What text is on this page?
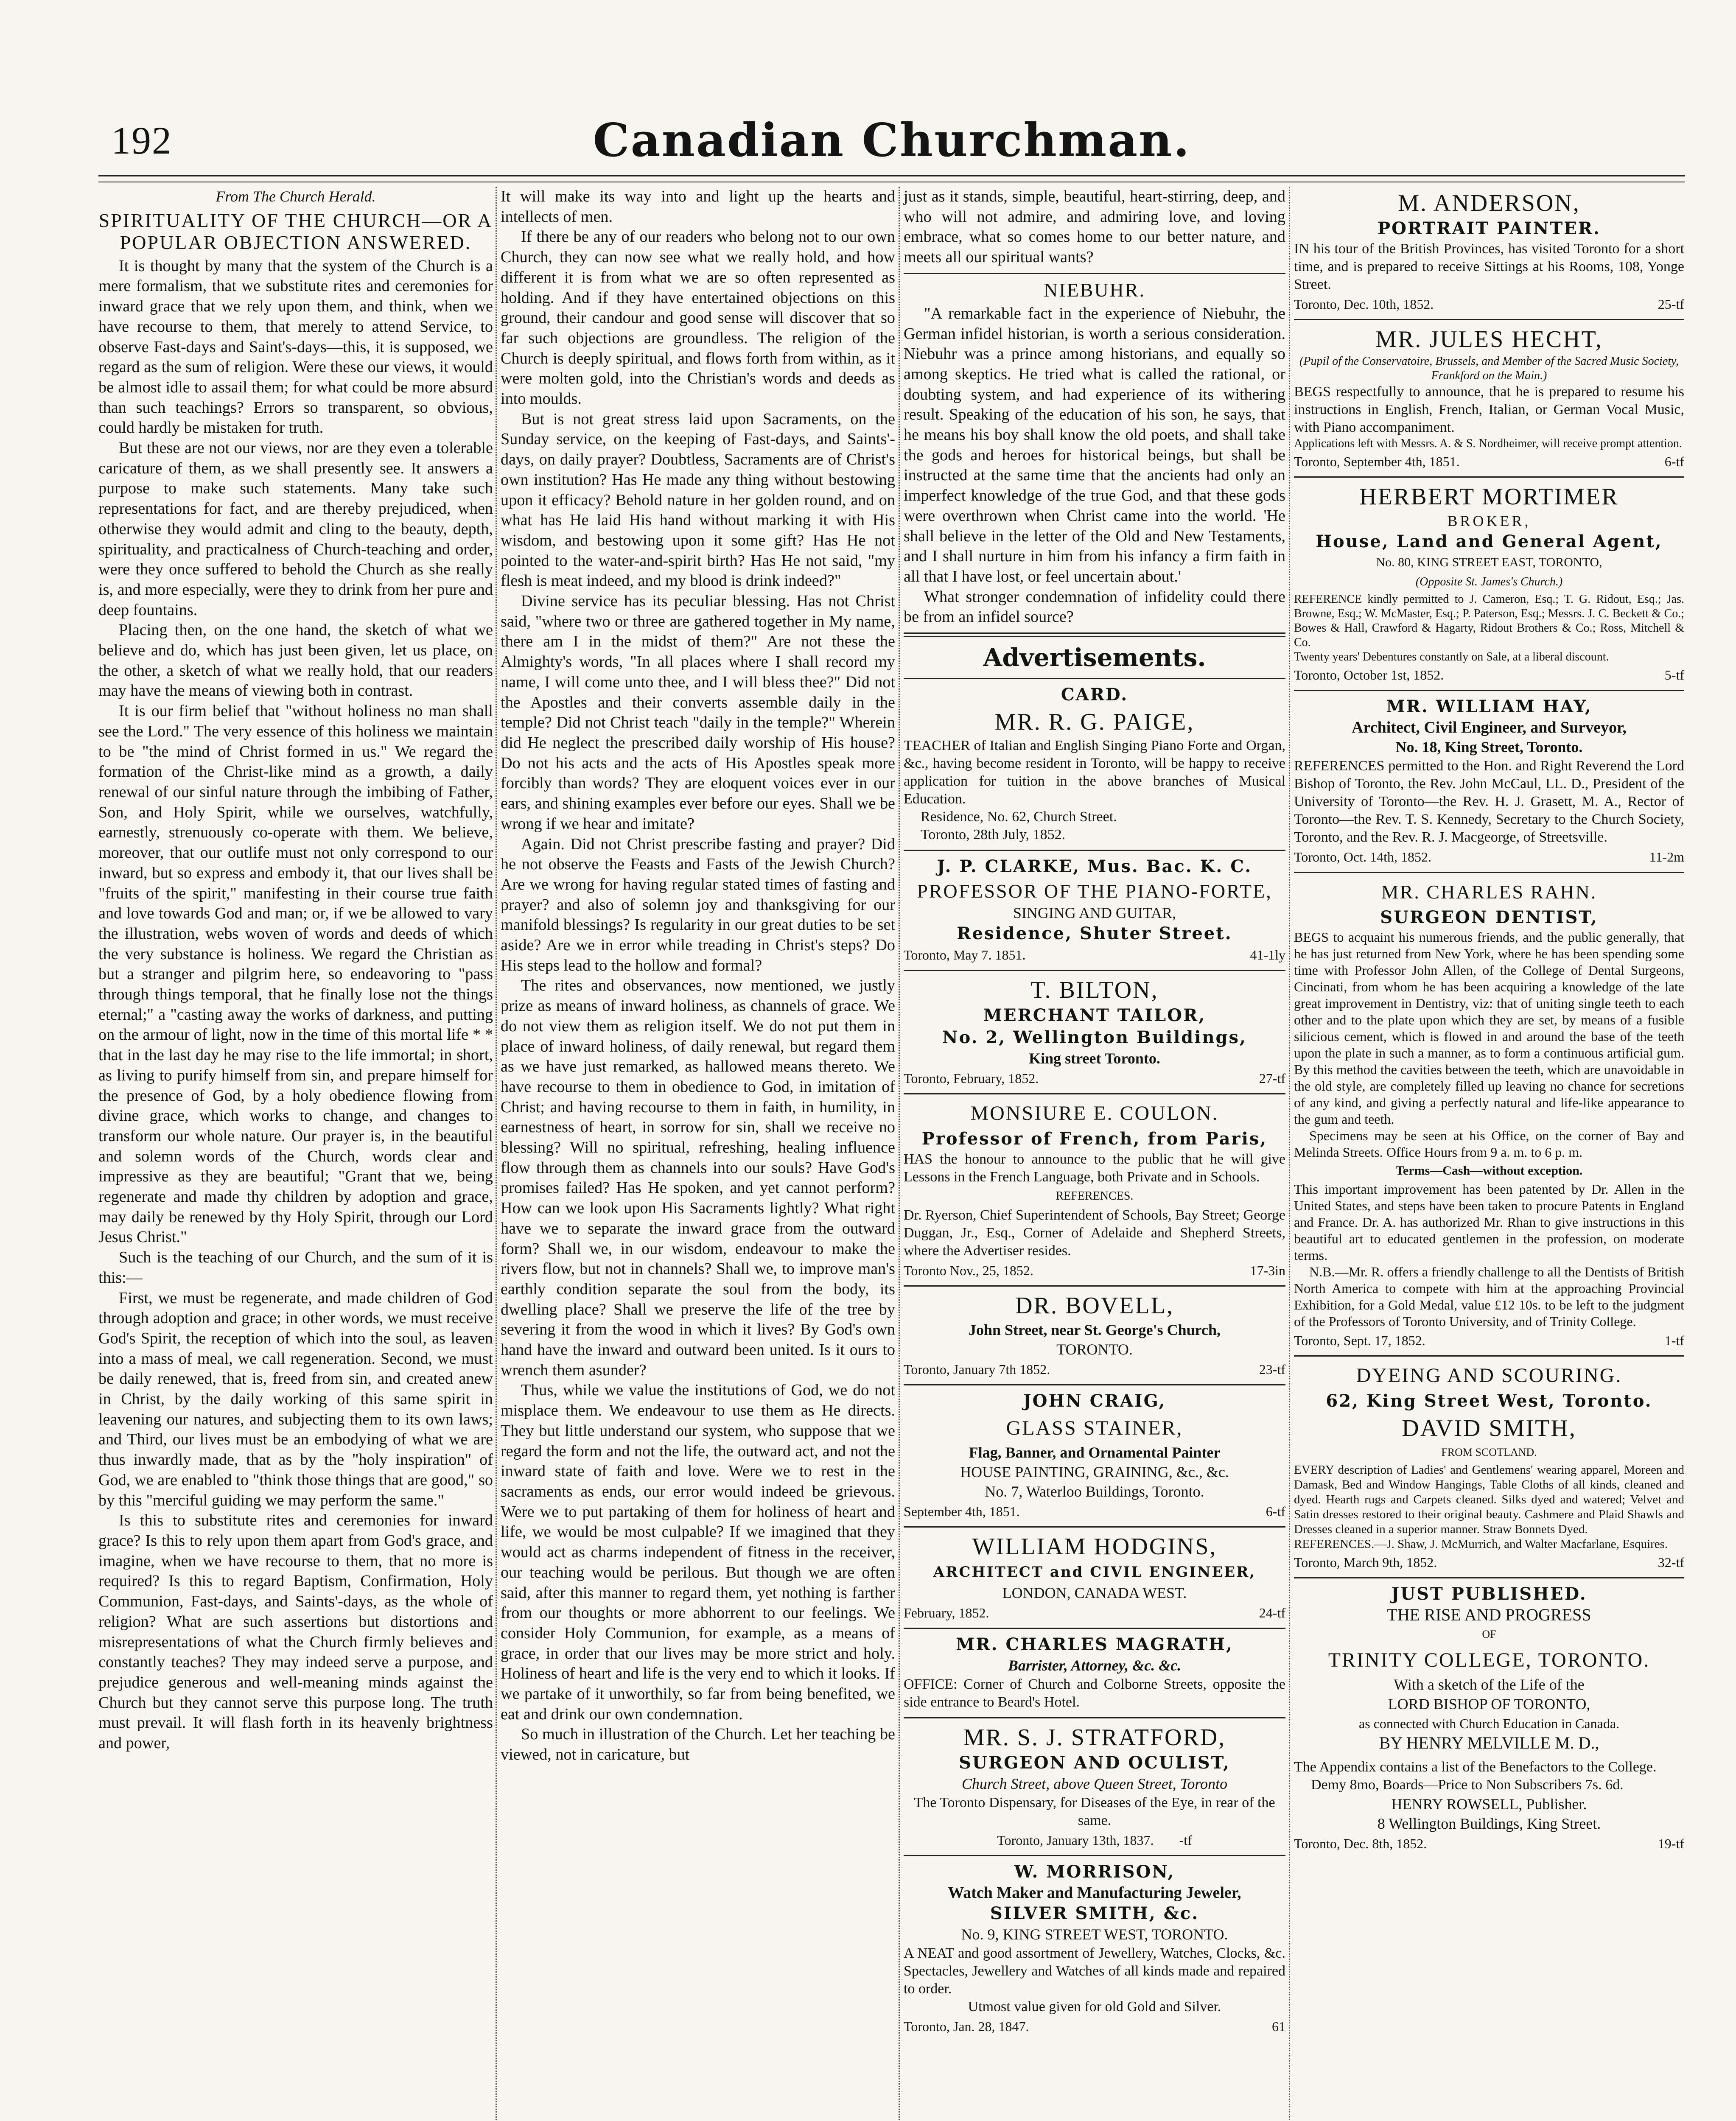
192	Canadian Churchman.

From The Church Herald.

SPIRITUALITY OF THE CHURCH—OR A POPULAR OBJECTION ANSWERED.

It is thought by many that the system of the Church is a mere formalism, that we substitute rites and ceremonies for inward grace that we rely upon them, and think, when we have recourse to them, that merely to attend Service, to observe Fast-days and Saint's-days—this, it is supposed, we regard as the sum of religion. Were these our views, it would be almost idle to assail them; for what could be more absurd than such teachings? Errors so transparent, so obvious, could hardly be mistaken for truth.

But these are not our views, nor are they even a tolerable caricature of them, as we shall presently see. It answers a purpose to make such statements. Many take such representations for fact, and are thereby prejudiced, when otherwise they would admit and cling to the beauty, depth, spirituality, and practicalness of Church-teaching and order, were they once suffered to behold the Church as she really is, and more especially, were they to drink from her pure and deep fountains.

Placing then, on the one hand, the sketch of what we believe and do, which has just been given, let us place, on the other, a sketch of what we really hold, that our readers may have the means of viewing both in contrast.

It is our firm belief that "without holiness no man shall see the Lord." The very essence of this holiness we maintain to be "the mind of Christ formed in us." We regard the formation of the Christ-like mind as a growth, a daily renewal of our sinful nature through the imbibing of Father, Son, and Holy Spirit, while we ourselves, watchfully, earnestly, strenuously co-operate with them. We believe, moreover, that our outlife must not only correspond to our inward, but so express and embody it, that our lives shall be "fruits of the spirit," manifesting in their course true faith and love towards God and man; or, if we be allowed to vary the illustration, webs woven of words and deeds of which the very substance is holiness. We regard the Christian as but a stranger and pilgrim here, so endeavoring to "pass through things temporal, that he finally lose not the things eternal;" a "casting away the works of darkness, and putting on the armour of light, now in the time of this mortal life * * that in the last day he may rise to the life immortal; in short, as living to purify himself from sin, and prepare himself for the presence of God, by a holy obedience flowing from divine grace, which works to change, and changes to transform our whole nature. Our prayer is, in the beautiful and solemn words of the Church, words clear and impressive as they are beautiful; "Grant that we, being regenerate and made thy children by adoption and grace, may daily be renewed by thy Holy Spirit, through our Lord Jesus Christ."

Such is the teaching of our Church, and the sum of it is this:—

First, we must be regenerate, and made children of God through adoption and grace; in other words, we must receive God's Spirit, the reception of which into the soul, as leaven into a mass of meal, we call regeneration. Second, we must be daily renewed, that is, freed from sin, and created anew in Christ, by the daily working of this same spirit in leavening our natures, and subjecting them to its own laws; and Third, our lives must be an embodying of what we are thus inwardly made, that as by the "holy inspiration" of God, we are enabled to "think those things that are good," so by this "merciful guiding we may perform the same."

Is this to substitute rites and ceremonies for inward grace? Is this to rely upon them apart from God's grace, and imagine, when we have recourse to them, that no more is required? Is this to regard Baptism, Confirmation, Holy Communion, Fast-days, and Saints'-days, as the whole of religion? What are such assertions but distortions and misrepresentations of what the Church firmly believes and constantly teaches? They may indeed serve a purpose, and prejudice generous and well-meaning minds against the Church but they cannot serve this purpose long. The truth must prevail. It will flash forth in its heavenly brightness and power,

It will make its way into and light up the hearts and intellects of men.

If there be any of our readers who belong not to our own Church, they can now see what we really hold, and how different it is from what we are so often represented as holding. And if they have entertained objections on this ground, their candour and good sense will discover that so far such objections are groundless. The religion of the Church is deeply spiritual, and flows forth from within, as it were molten gold, into the Christian's words and deeds as into moulds.

But is not great stress laid upon Sacraments, on the Sunday service, on the keeping of Fast-days, and Saints'-days, on daily prayer? Doubtless, Sacraments are of Christ's own institution? Has He made any thing without bestowing upon it efficacy? Behold nature in her golden round, and on what has He laid His hand without marking it with His wisdom, and bestowing upon it some gift? Has He not pointed to the water-and-spirit birth? Has He not said, "my flesh is meat indeed, and my blood is drink indeed?"

Divine service has its peculiar blessing. Has not Christ said, "where two or three are gathered together in My name, there am I in the midst of them?" Are not these the Almighty's words, "In all places where I shall record my name, I will come unto thee, and I will bless thee?" Did not the Apostles and their converts assemble daily in the temple? Did not Christ teach "daily in the temple?" Wherein did He neglect the prescribed daily worship of His house? Do not his acts and the acts of His Apostles speak more forcibly than words? They are eloquent voices ever in our ears, and shining examples ever before our eyes. Shall we be wrong if we hear and imitate?

Again. Did not Christ prescribe fasting and prayer? Did he not observe the Feasts and Fasts of the Jewish Church? Are we wrong for having regular stated times of fasting and prayer? and also of solemn joy and thanksgiving for our manifold blessings? Is regularity in our great duties to be set aside? Are we in error while treading in Christ's steps? Do His steps lead to the hollow and formal?

The rites and observances, now mentioned, we justly prize as means of inward holiness, as channels of grace. We do not view them as religion itself. We do not put them in place of inward holiness, of daily renewal, but regard them as we have just remarked, as hallowed means thereto. We have recourse to them in obedience to God, in imitation of Christ; and having recourse to them in faith, in humility, in earnestness of heart, in sorrow for sin, shall we receive no blessing? Will no spiritual, refreshing, healing influence flow through them as channels into our souls? Have God's promises failed? Has He spoken, and yet cannot perform? How can we look upon His Sacraments lightly? What right have we to separate the inward grace from the outward form? Shall we, in our wisdom, endeavour to make the rivers flow, but not in channels? Shall we, to improve man's earthly condition separate the soul from the body, its dwelling place? Shall we preserve the life of the tree by severing it from the wood in which it lives? By God's own hand have the inward and outward been united. Is it ours to wrench them asunder?

Thus, while we value the institutions of God, we do not misplace them. We endeavour to use them as He directs. They but little understand our system, who suppose that we regard the form and not the life, the outward act, and not the inward state of faith and love. Were we to rest in the sacraments as ends, our error would indeed be grievous. Were we to put partaking of them for holiness of heart and life, we would be most culpable? If we imagined that they would act as charms independent of fitness in the receiver, our teaching would be perilous. But though we are often said, after this manner to regard them, yet nothing is farther from our thoughts or more abhorrent to our feelings. We consider Holy Communion, for example, as a means of grace, in order that our lives may be more strict and holy. Holiness of heart and life is the very end to which it looks. If we partake of it unworthily, so far from being benefited, we eat and drink our own condemnation.

So much in illustration of the Church. Let her teaching be viewed, not in caricature, but

just as it stands, simple, beautiful, heart-stirring, deep, and who will not admire, and admiring love, and loving embrace, what so comes home to our better nature, and meets all our spiritual wants?

NIEBUHR.

"A remarkable fact in the experience of Niebuhr, the German infidel historian, is worth a serious consideration. Niebuhr was a prince among historians, and equally so among skeptics. He tried what is called the rational, or doubting system, and had experience of its withering result. Speaking of the education of his son, he says, that he means his boy shall know the old poets, and shall take the gods and heroes for historical beings, but shall be instructed at the same time that the ancients had only an imperfect knowledge of the true God, and that these gods were overthrown when Christ came into the world. 'He shall believe in the letter of the Old and New Testaments, and I shall nurture in him from his infancy a firm faith in all that I have lost, or feel uncertain about.'

What stronger condemnation of infidelity could there be from an infidel source?

Advertisements.
CARD.
MR. R. G. PAIGE,

TEACHER of Italian and English Singing Piano Forte and Organ, &c., having become resident in Toronto, will be happy to receive application for tuition in the above branches of Musical Education.

Residence, No. 62, Church Street.

Toronto, 28th July, 1852.

J. P. CLARKE, Mus. Bac. K. C.
PROFESSOR OF THE PIANO-FORTE,
SINGING AND GUITAR,
Residence, Shuter Street.
Toronto, May 7. 1851.	41-1ly
T. BILTON,
MERCHANT TAILOR,
No. 2, Wellington Buildings,
King street Toronto.
Toronto, February, 1852.	27-tf
MONSIURE E. COULON.
Professor of French, from Paris,

HAS the honour to announce to the public that he will give Lessons in the French Language, both Private and in Schools.

REFERENCES.

Dr. Ryerson, Chief Superintendent of Schools, Bay Street; George Duggan, Jr., Esq., Corner of Adelaide and Shepherd Streets, where the Advertiser resides.

Toronto Nov., 25, 1852.	17-3in
DR. BOVELL,
John Street, near St. George's Church,
TORONTO.
Toronto, January 7th 1852.	23-tf
JOHN CRAIG,
GLASS STAINER,
Flag, Banner, and Ornamental Painter
HOUSE PAINTING, GRAINING, &c., &c.
No. 7, Waterloo Buildings, Toronto.
September 4th, 1851.	6-tf
WILLIAM HODGINS,
ARCHITECT and CIVIL ENGINEER,
LONDON, CANADA WEST.
February, 1852.	24-tf
MR. CHARLES MAGRATH,
Barrister, Attorney, &c. &c.

OFFICE: Corner of Church and Colborne Streets, opposite the side entrance to Beard's Hotel.

MR. S. J. STRATFORD,
SURGEON AND OCULIST,
Church Street, above Queen Street, Toronto

The Toronto Dispensary, for Diseases of the Eye, in rear of the same.

Toronto, January 13th, 1837. -tf
W. MORRISON,
Watch Maker and Manufacturing Jeweler,
SILVER SMITH, &c.
No. 9, KING STREET WEST, TORONTO.

A NEAT and good assortment of Jewellery, Watches, Clocks, &c. Spectacles, Jewellery and Watches of all kinds made and repaired to order.

Utmost value given for old Gold and Silver.

Toronto, Jan. 28, 1847.	61
M. ANDERSON,
PORTRAIT PAINTER.

IN his tour of the British Provinces, has visited Toronto for a short time, and is prepared to receive Sittings at his Rooms, 108, Yonge Street.

Toronto, Dec. 10th, 1852.	25-tf
MR. JULES HECHT,

(Pupil of the Conservatoire, Brussels, and Member of the Sacred Music Society, Frankford on the Main.)

BEGS respectfully to announce, that he is prepared to resume his instructions in English, French, Italian, or German Vocal Music, with Piano accompaniment.

Applications left with Messrs. A. & S. Nordheimer, will receive prompt attention.

Toronto, September 4th, 1851.	6-tf
HERBERT MORTIMER
BROKER,
House, Land and General Agent,
No. 80, KING STREET EAST, TORONTO,
(Opposite St. James's Church.)

REFERENCE kindly permitted to J. Cameron, Esq.; T. G. Ridout, Esq.; Jas. Browne, Esq.; W. McMaster, Esq.; P. Paterson, Esq.; Messrs. J. C. Beckett & Co.; Bowes & Hall, Crawford & Hagarty, Ridout Brothers & Co.; Ross, Mitchell & Co.

Twenty years' Debentures constantly on Sale, at a liberal discount.

Toronto, October 1st, 1852.	5-tf
MR. WILLIAM HAY,
Architect, Civil Engineer, and Surveyor,
No. 18, King Street, Toronto.

REFERENCES permitted to the Hon. and Right Reverend the Lord Bishop of Toronto, the Rev. John McCaul, LL. D., President of the University of Toronto—the Rev. H. J. Grasett, M. A., Rector of Toronto—the Rev. T. S. Kennedy, Secretary to the Church Society, Toronto, and the Rev. R. J. Macgeorge, of Streetsville.

Toronto, Oct. 14th, 1852.	11-2m
MR. CHARLES RAHN.
SURGEON DENTIST,

BEGS to acquaint his numerous friends, and the public generally, that he has just returned from New York, where he has been spending some time with Professor John Allen, of the College of Dental Surgeons, Cincinati, from whom he has been acquiring a knowledge of the late great improvement in Dentistry, viz: that of uniting single teeth to each other and to the plate upon which they are set, by means of a fusible silicious cement, which is flowed in and around the base of the teeth upon the plate in such a manner, as to form a continuous artificial gum. By this method the cavities between the teeth, which are unavoidable in the old style, are completely filled up leaving no chance for secretions of any kind, and giving a perfectly natural and life-like appearance to the gum and teeth.

Specimens may be seen at his Office, on the corner of Bay and Melinda Streets. Office Hours from 9 a. m. to 6 p. m.

Terms—Cash—without exception.

This important improvement has been patented by Dr. Allen in the United States, and steps have been taken to procure Patents in England and France. Dr. A. has authorized Mr. Rhan to give instructions in this beautiful art to educated gentlemen in the profession, on moderate terms.

N.B.—Mr. R. offers a friendly challenge to all the Dentists of British North America to compete with him at the approaching Provincial Exhibition, for a Gold Medal, value £12 10s. to be left to the judgment of the Professors of Toronto University, and of Trinity College.

Toronto, Sept. 17, 1852.	1-tf
DYEING AND SCOURING.
62, King Street West, Toronto.
DAVID SMITH,
FROM SCOTLAND.

EVERY description of Ladies' and Gentlemens' wearing apparel, Moreen and Damask, Bed and Window Hangings, Table Cloths of all kinds, cleaned and dyed. Hearth rugs and Carpets cleaned. Silks dyed and watered; Velvet and Satin dresses restored to their original beauty. Cashmere and Plaid Shawls and Dresses cleaned in a superior manner. Straw Bonnets Dyed.

REFERENCES.—J. Shaw, J. McMurrich, and Walter Macfarlane, Esquires.

Toronto, March 9th, 1852.	32-tf
JUST PUBLISHED.
THE RISE AND PROGRESS
OF
TRINITY COLLEGE, TORONTO.
With a sketch of the Life of the
LORD BISHOP OF TORONTO,
as connected with Church Education in Canada.
BY HENRY MELVILLE M. D.,

The Appendix contains a list of the Benefactors to the College.

Demy 8mo, Boards—Price to Non Subscribers 7s. 6d.

HENRY ROWSELL, Publisher.
8 Wellington Buildings, King Street.
Toronto, Dec. 8th, 1852.	19-tf
